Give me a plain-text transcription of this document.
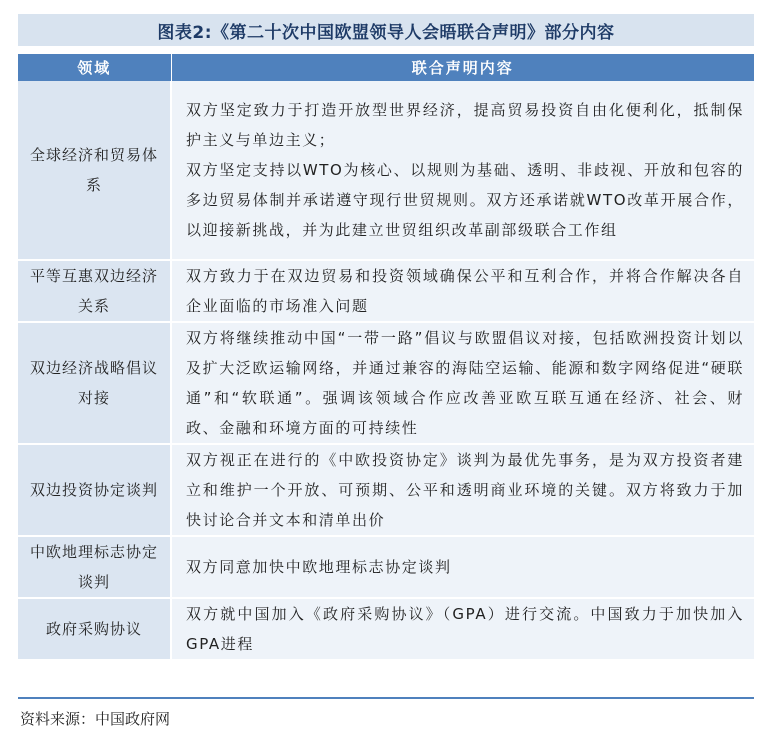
图表2:《第二十次中国欧盟领导人会晤联合声明》部分内容
领域	联合声明内容
全球经济和贸易体系	双方坚定致力于打造开放型世界经济，提高贸易投资自由化便利化，抵制保护主义与单边主义；
双方坚定支持以WTO为核心、以规则为基础、透明、非歧视、开放和包容的多边贸易体制并承诺遵守现行世贸规则。双方还承诺就WTO改革开展合作，以迎接新挑战，并为此建立世贸组织改革副部级联合工作组

平等互惠双边经济关系	双方致力于在双边贸易和投资领域确保公平和互利合作，并将合作解决各自企业面临的市场准入问题

双边经济战略倡议对接	双方将继续推动中国“一带一路”倡议与欧盟倡议对接，包括欧洲投资计划以及扩大泛欧运输网络，并通过兼容的海陆空运输、能源和数字网络促进“硬联通”和“软联通”。强调该领域合作应改善亚欧互联互通在经济、社会、财政、金融和环境方面的可持续性

双边投资协定谈判	双方视正在进行的《中欧投资协定》谈判为最优先事务，是为双方投资者建立和维护一个开放、可预期、公平和透明商业环境的关键。双方将致力于加快讨论合并文本和清单出价

中欧地理标志协定谈判	双方同意加快中欧地理标志协定谈判

政府采购协议	双方就中国加入《政府采购协议》（GPA）进行交流。中国致力于加快加入GPA进程
资料来源：中国政府网
